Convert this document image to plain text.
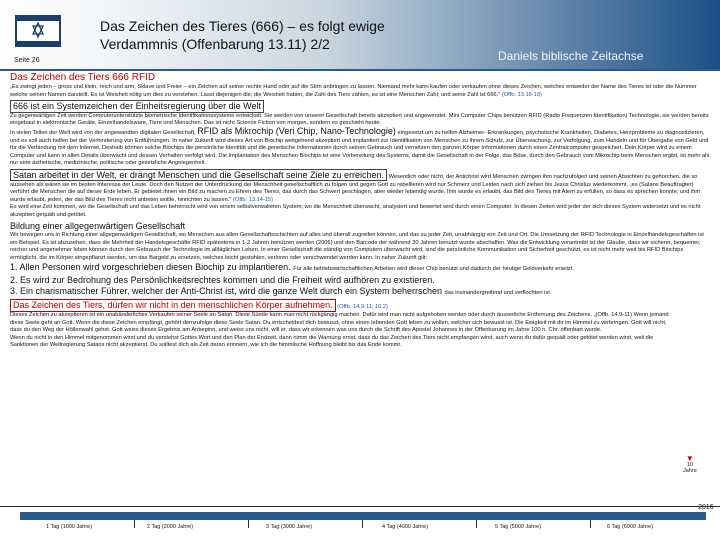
Seite 26
Das Zeichen des Tieres (666) – es folgt ewige Verdammnis (Offenbarung 13.11) 2/2
Daniels biblische Zeitachse
Das Zeichen des Tiers 666 RFID
„Es zwingt jeden – gross und klein, reich und arm, Sklave und Freier – ein Zeichen auf seiner rechte Hand oder auf die Stirn anbringen zu lassen. Niemand mehr kann kaufen oder verkaufen ohne dieses Zeichen, welches entweder der Name des Tieres ist oder die Nummer welche seinen Namen darstellt. Es ist Weisheit nötig um dies zu verstehen. Lasst diejenigen die, die Weisheit haben, die Zahl des Tiers zählen, es ist eine Menschen Zahl; und seine Zahl ist 666." (Offb. 13.16-18)
666 ist ein Systemzeichen der Einheitsregierung über die Welt
Zu gegenwärtigen Zeit werden Computerunterstützte biometrische Identifikationssysteme entwickelt. Sie werden von unserer Gesellschaft bereits akzeptiert und angewendet. Mini Computer Chips benützen RFID (Radio Frequenzen Identifikation) Technologie, sie werden bereits eingebaut in elektronische Geräte, Einzelhandelsware, Tiere und Menschen. Das ist nicht Science Fiction von morgen, sondern es geschieht heute.
In vielen Teilen der Welt wird von der angewandten digitalen Gesellschaft, RFID als Mikrochip (Veri Chip, Nano-Technologie) eingesetzt um zu helfen Alzheimer- Erkrankungen, psychotische Krankheiten, Diabetes, Herzprobleme zu diagnostizieren, und es soll auch helfen bei der Verhinderung von Entführungen. In naher Zukunft wird dieses Art von Biochip weitgehend akzeptiert und implantiert zur Identifikation von Menschen zu ihrem Schutz, zur Überwachung, zur Verfolgung, zum Handeln und für Übergabe von Geld und für die Verbindung mit dem Internet. Deshalb können solche Biochips die persönliche Identität und die genetische Informationen durch seinen Gebrauch und vernetzen den ganzen Körper Informationen durch einen Zentralcomputer gespeichert. Dein Körper wird zu einem Computer und kann in allen Details überwacht und dessen Verhalten verfolgt wird. Die Implantation des Menschen Biochips ist eine Vorbereitung des Systems, damit die Gesellschaft in der Folge, das Böse, durch den Gebrauch vom Mikrochip beim Menschen ergibt, ist mehr als nur eine ästhetische, medizinische, politische oder gesetzliche Angelegenheit.
Satan arbeitet in der Welt, er drängt Menschen und die Gesellschaft seine Ziele zu erreichen. Wesentlich oder nicht, der Antichrist wird Menschen zwingen ihm nachzufolgen und seinen Absichten zu gehorchen, die so aussehen als wären sie im besten Interesse der Leute. Doch den Nutzen der Unterdrückung der Menschheit gesellschaftlich zu folgen und gegen Gott zu rebellieren wird nur Schmerz und Leiden nach sich ziehen bis Jesus Christus wiederkommt, „es (Satans Beauftragter) verführt die Menschen die auf dieser Erde leben. Er gebietet ihnen ein Bild zu machen zu Ehren des Tieres, das durch das Schwert geschlagen, aber wieder lebendig wurde. Ihm wurde es erlaubt, das Bild des Tieres mit Atem zu erfüllen, so dass es sprechen konnte; und ihm wurde erlaubt, jeden, der das Bild des Tieres nicht anbeten wollte, hinrichten zu lassen." (Offb. 13.14-15)
Es wird eine Zeit kommen, wo die Gesellschaft und das Leben beherrscht wird von einem selbstverwalteten System; wo die Menschheit überwacht, analysiert und bewertet wird durch einen Computer. In diesen Zeiten wird jeder der sich dieses System widersetzt und es nicht akzeptiert gequält und getötet.
Bildung einer allgegenwärtigen Gesellschaft
Wir bewegen uns in Richtung einer allgegenwärtigen Gesellschaft, wo Menschen aus allen Gesellschaftsschichten auf alles und überall zugreifen können, und das zu jeder Zeit, unabhängig von Zeit und Ort. Die Umsetzung der RFID Technologie in Einzelhandelsgeschäften ist ein Beispiel. Es ist abzusehen, dass die Mehrheit der Handelsgeschäfte RFID spätestens in 1-2 Jahren benützen werden (2006) und den Barcode der während 30 Jahren benutzt wurde abschaffen. Was die Entwicklung vorantreibt ist der Glaube, dass wir sicherer, bequemer, reicher und angenehmer leben können durch den Gebrauch der Technologie im alltäglichen Leben. In einer Gesellschaft die ständig von Computern überwacht wird, sind die persönliche Kommunikation und Sicherheit geschützt, es ist nicht mehr weit bis RFID Biochips ermöglicht, die im Körper eingepflanzt werden, um das Bargeld zu ersetzen, welches leicht gestohlen, verloren oder verschwendet werden kann. In naher Zukunft gilt:
1. Allen Personen wird vorgeschrieben diesen Biochip zu implantieren. Für alle betriebswirtschaftlichen Arbeiten wird dieser Chip benützt und dadurch der heutige Geldverkehr ersetzt.
2. Es wird zur Bedrohung des Persönlichkeitsrechtes kommen und die Freiheit wird aufhören zu existieren.
3. Ein charismatischer Führer, welcher der Anti-Christ ist, wird die ganze Welt durch ein System beherrschen das insinandergreifend und verflochten ist.
Das Zeichen des Tiers, dürfen wir nicht in den menschlichen Körper aufnehmen. (Offb. 14.9-11; 16.2)
Dieses Zeichen zu akzeptieren ist ein unabänderliches Verkaufen seiner Seele an Satan. Diese Sünde kann man nicht rückgängig machen. Dafür wird man nicht aufgehoben werden oder durch äusserliche Entfernung des Zeichens. „(Offb. 14.9-11) Wenn jemand diese Seele geht an Gott. Wenn die diese Zeichen empfängt, gehört demzufolge diese Seele Satan. Du entscheidest dich bewusst, ohne einen lebenden Gott leben zu wollen, welcher sich bewusst ist. Die Ewigkeit mit dir im Himmel zu verbringen. Gott will nicht, dass du den Weg der Höllenwahl gehst. Gott weiss dieses Ergebnis am Anbeginn, und weiss uns nicht, will er, dass wir erkennen was uns durch die Schrift des Apostel Johannes in der Offenbarung im Jahre 100 n. Chr. offenbart wurde.
Wenn du nicht in den Himmel mitgenommen wirst und du verstehst Gottes Wort und den Plan der Endzeit, dann nimm die Warnung ernst, dass du das Zeichen des Tiers nicht empfangen wirst, auch wenn du dafür gequält oder getötet werden wirst, weil die Sanktionen der Weltregierung Satans nicht akzeptierst. Du solltest dich als Zeit daran erinnern, wie ich die himmlische Hoffnung bleibt bis das Ende kommt.
▼
10
Jahre
2016
1 Tag (1000 Jahre)	2 Tag (2000 Jahre)	3 Tag (3000 Jahre)	4 Tag (4000 Jahre)	5 Tag (5000 Jahre)	6 Tag (6000 Jahre)
